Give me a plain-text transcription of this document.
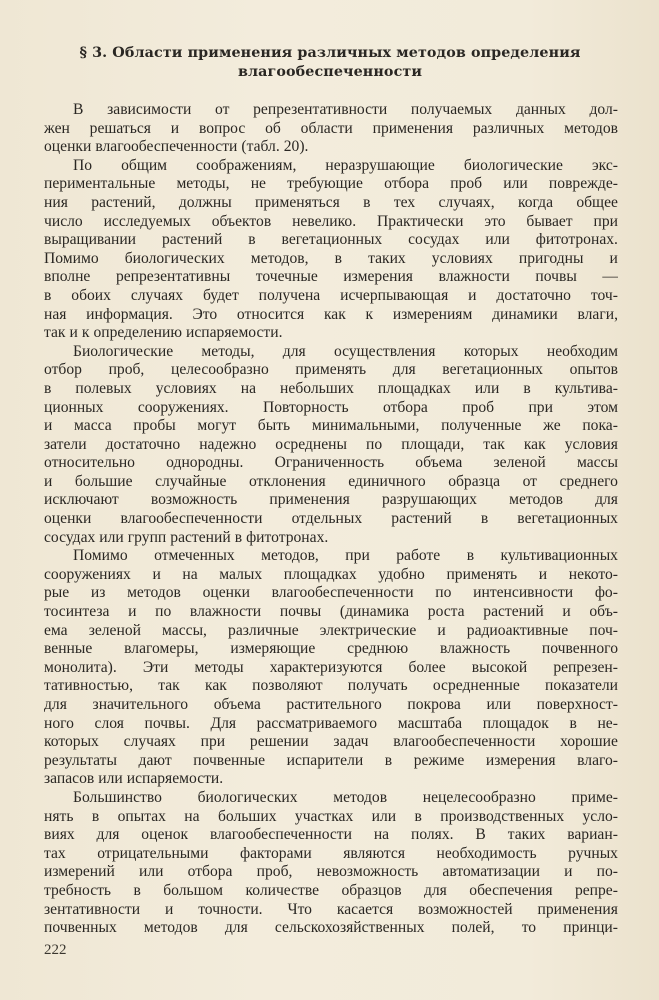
§ 3. Области применения различных методов определения
влагообеспеченности
В зависимости от репрезентативности получаемых данных дол-
жен решаться и вопрос об области применения различных методов
оценки влагообеспеченности (табл. 20).
По общим соображениям, неразрушающие биологические экс-
периментальные методы, не требующие отбора проб или поврежде-
ния растений, должны применяться в тех случаях, когда общее
число исследуемых объектов невелико. Практически это бывает при
выращивании растений в вегетационных сосудах или фитотронах.
Помимо биологических методов, в таких условиях пригодны и
вполне репрезентативны точечные измерения влажности почвы —
в обоих случаях будет получена исчерпывающая и достаточно точ-
ная информация. Это относится как к измерениям динамики влаги,
так и к определению испаряемости.
Биологические методы, для осуществления которых необходим
отбор проб, целесообразно применять для вегетационных опытов
в полевых условиях на небольших площадках или в культива-
ционных сооружениях. Повторность отбора проб при этом
и масса пробы могут быть минимальными, полученные же пока-
затели достаточно надежно осреднены по площади, так как условия
относительно однородны. Ограниченность объема зеленой массы
и большие случайные отклонения единичного образца от среднего
исключают возможность применения разрушающих методов для
оценки влагообеспеченности отдельных растений в вегетационных
сосудах или групп растений в фитотронах.
Помимо отмеченных методов, при работе в культивационных
сооружениях и на малых площадках удобно применять и некото-
рые из методов оценки влагообеспеченности по интенсивности фо-
тосинтеза и по влажности почвы (динамика роста растений и объ-
ема зеленой массы, различные электрические и радиоактивные поч-
венные влагомеры, измеряющие среднюю влажность почвенного
монолита). Эти методы характеризуются более высокой репрезен-
тативностью, так как позволяют получать осредненные показатели
для значительного объема растительного покрова или поверхност-
ного слоя почвы. Для рассматриваемого масштаба площадок в не-
которых случаях при решении задач влагообеспеченности хорошие
результаты дают почвенные испарители в режиме измерения влаго-
запасов или испаряемости.
Большинство биологических методов нецелесообразно приме-
нять в опытах на больших участках или в производственных усло-
виях для оценок влагообеспеченности на полях. В таких вариан-
тах отрицательными факторами являются необходимость ручных
измерений или отбора проб, невозможность автоматизации и по-
требность в большом количестве образцов для обеспечения репре-
зентативности и точности. Что касается возможностей применения
почвенных методов для сельскохозяйственных полей, то принци-
222
